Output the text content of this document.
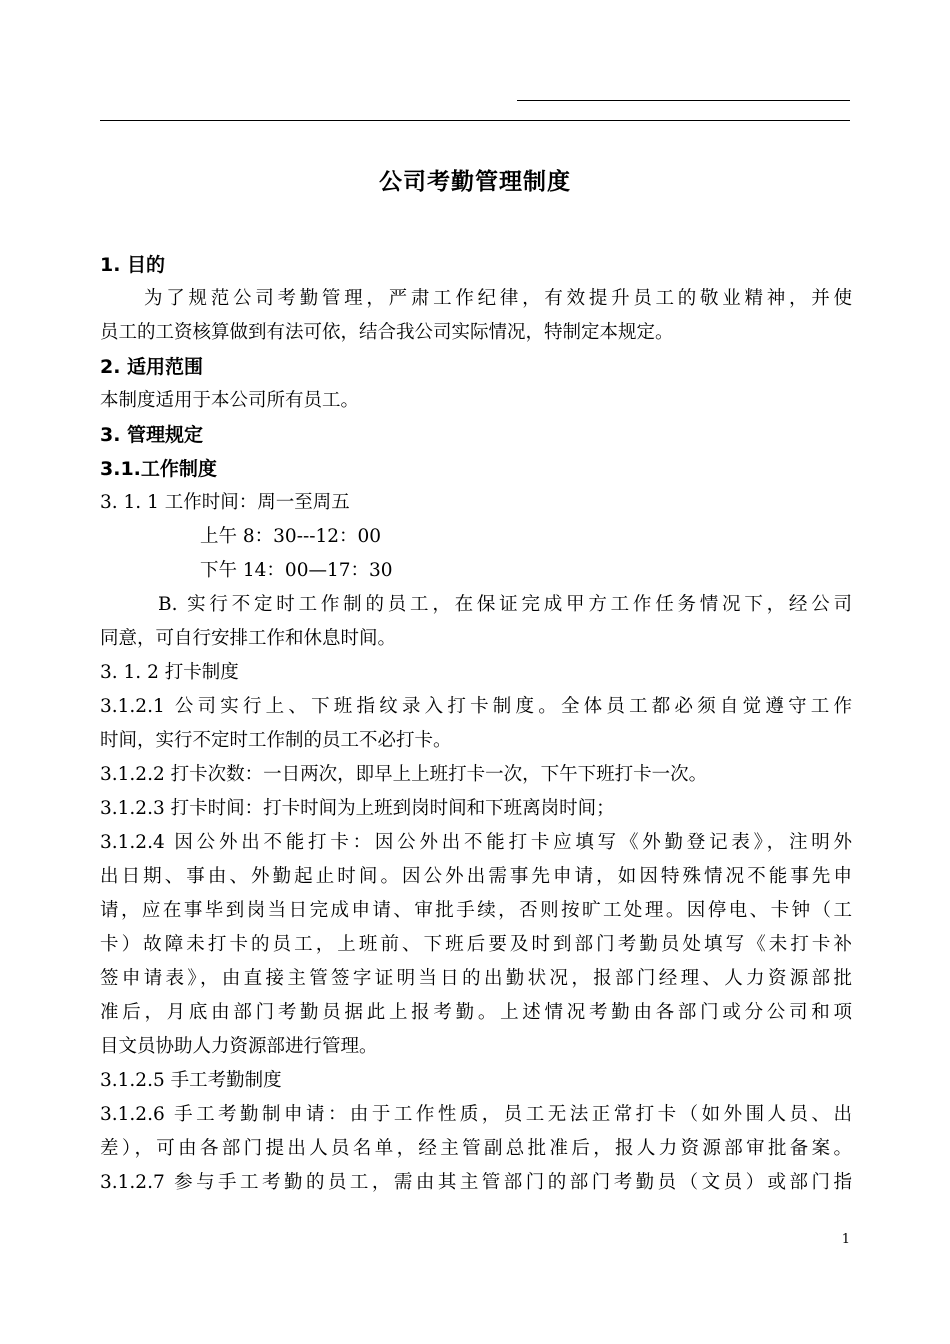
公司考勤管理制度
1. 目的
为了规范公司考勤管理，严肃工作纪律，有效提升员工的敬业精神，并使
员工的工资核算做到有法可依，结合我公司实际情况，特制定本规定。
2. 适用范围
本制度适用于本公司所有员工。
3. 管理规定
3.1.工作制度
3. 1. 1 工作时间：周一至周五
上午 8：30---12：00
下午 14：00—17：30
B. 实行不定时工作制的员工，在保证完成甲方工作任务情况下，经公司
同意，可自行安排工作和休息时间。
3. 1. 2 打卡制度
3.1.2.1 公司实行上、下班指纹录入打卡制度。全体员工都必须自觉遵守工作
时间，实行不定时工作制的员工不必打卡。
3.1.2.2 打卡次数：一日两次，即早上上班打卡一次，下午下班打卡一次。
3.1.2.3 打卡时间：打卡时间为上班到岗时间和下班离岗时间；
3.1.2.4 因公外出不能打卡：因公外出不能打卡应填写《外勤登记表》，注明外
出日期、事由、外勤起止时间。因公外出需事先申请，如因特殊情况不能事先申
请，应在事毕到岗当日完成申请、审批手续，否则按旷工处理。因停电、卡钟（工
卡）故障未打卡的员工，上班前、下班后要及时到部门考勤员处填写《未打卡补
签申请表》，由直接主管签字证明当日的出勤状况，报部门经理、人力资源部批
准后，月底由部门考勤员据此上报考勤。上述情况考勤由各部门或分公司和项
目文员协助人力资源部进行管理。
3.1.2.5 手工考勤制度
3.1.2.6 手工考勤制申请：由于工作性质，员工无法正常打卡（如外围人员、出
差），可由各部门提出人员名单，经主管副总批准后，报人力资源部审批备案。
3.1.2.7 参与手工考勤的员工，需由其主管部门的部门考勤员（文员）或部门指
1
